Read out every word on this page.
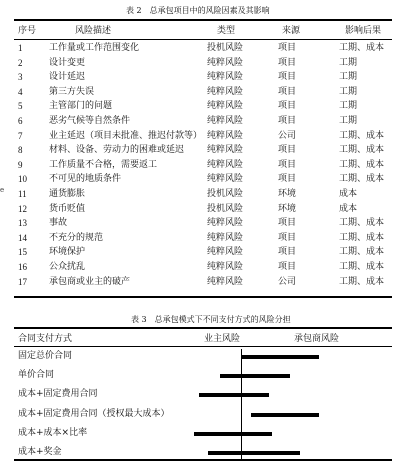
表 2　总承包项目中的风险因素及其影响
序号	风险描述	类型	来源	影响后果
1	工作量或工作范围变化	投机风险	项目	工期、成本
2	设计变更	纯粹风险	项目	工期
3	设计延迟	纯粹风险	项目	工期
4	第三方失误	纯粹风险	项目	工期
5	主管部门的问题	纯粹风险	项目	工期
6	恶劣气候等自然条件	纯粹风险	项目	工期
7	业主延迟（项目未批准、推迟付款等） 纯粹风险	公司	工期、成本
8	材料、设备、劳动力的困难或延迟	纯粹风险	项目	工期、成本
9	工作质量不合格，需要返工	纯粹风险	项目	工期、成本
10 不可见的地质条件	纯粹风险	项目	工期、成本
11 通货膨胀	投机风险	环境	成本
12 货币贬值	投机风险	环境	成本
13 事故	纯粹风险	项目	工期、成本
14 不充分的规范	纯粹风险	项目	工期、成本
15 环境保护	纯粹风险	项目	工期、成本
16 公众扰乱	纯粹风险	项目	工期、成本
17 承包商或业主的破产	纯粹风险	公司	工期、成本
e
表 3　总承包模式下不同支付方式的风险分担
合同支付方式	业主风险	承包商风险
固定总价合同
单价合同
成本+固定费用合同
成本+固定费用合同（授权最大成本）
成本+成本×比率
成本+奖金
